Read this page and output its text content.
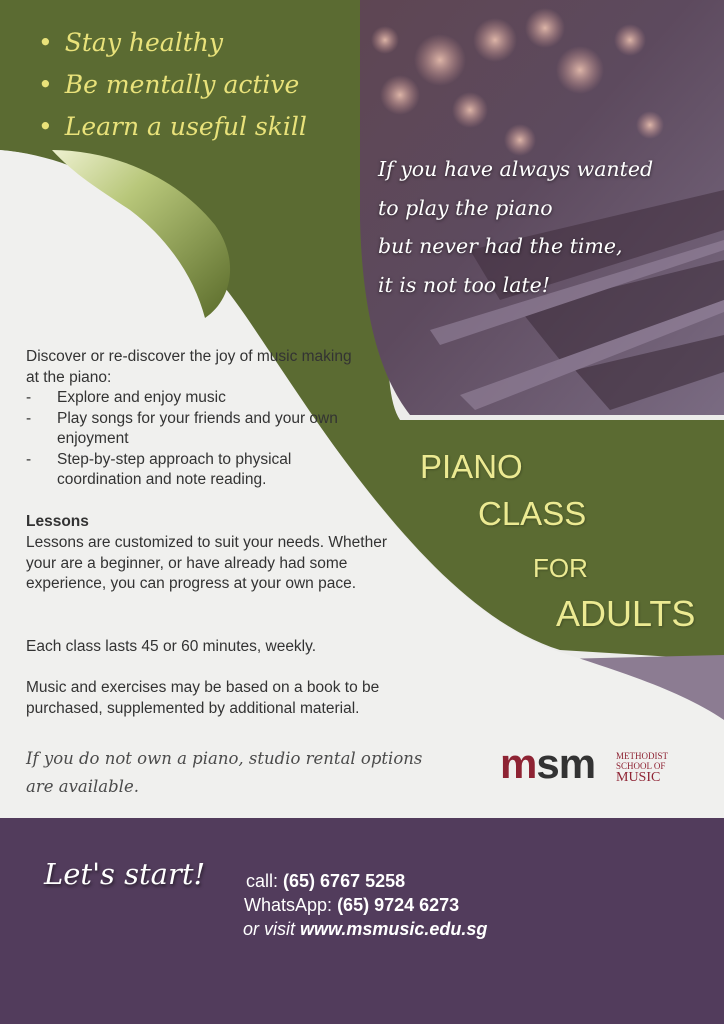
• Stay healthy
• Be mentally active
• Learn a useful skill
If you have always wanted
to play the piano
but never had the time,
it is not too late!
Discover or re-discover the joy of music making at the piano:
- Explore and enjoy music
- Play songs for your friends and your own enjoyment
- Step-by-step approach to physical coordination and note reading.
Lessons
Lessons are customized to suit your needs. Whether your are a beginner, or have already had some experience, you can progress at your own pace.
Each class lasts 45 or 60 minutes, weekly.
Music and exercises may be based on a book to be purchased, supplemented by additional material.
If you do not own a piano, studio rental options are available.
PIANO
CLASS
FOR
ADULTS
msm METHODIST
SCHOOL OF
MUSIC
Let's start! call: (65) 6767 5258
WhatsApp: (65) 9724 6273
or visit www.msmusic.edu.sg
